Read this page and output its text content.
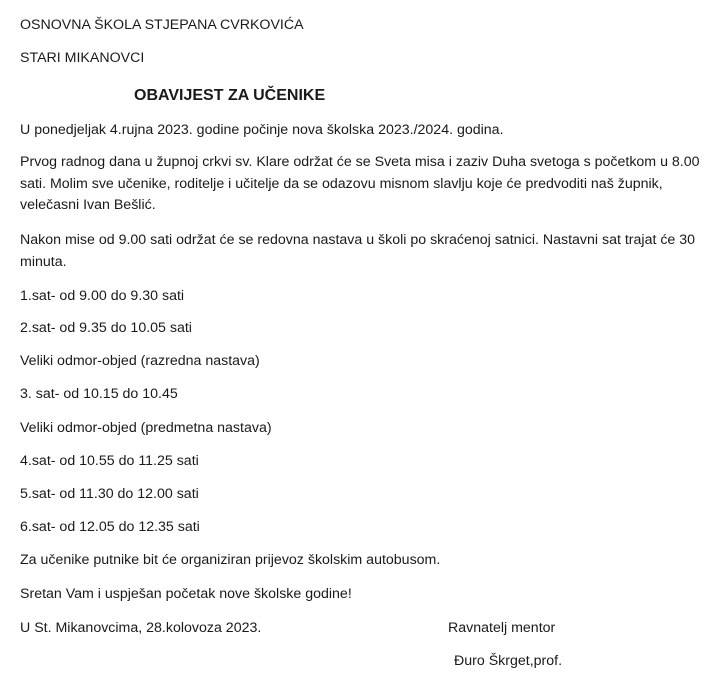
OSNOVNA ŠKOLA STJEPANA CVRKOVIĆA
STARI MIKANOVCI
OBAVIJEST ZA UČENIKE
U ponedjeljak 4.rujna 2023. godine počinje nova školska 2023./2024. godina.
Prvog radnog dana u župnoj crkvi sv. Klare održat će se Sveta misa i zaziv Duha svetoga s početkom u 8.00 sati. Molim sve učenike, roditelje i učitelje da se odazovu misnom slavlju koje će predvoditi naš župnik, velečasni Ivan Bešlić.
Nakon mise od 9.00 sati održat će se redovna nastava u školi po skraćenoj satnici. Nastavni sat trajat će 30 minuta.
1.sat- od 9.00 do 9.30 sati
2.sat- od 9.35 do 10.05 sati
Veliki odmor-objed (razredna nastava)
3. sat- od 10.15 do 10.45
Veliki odmor-objed (predmetna nastava)
4.sat- od 10.55 do 11.25 sati
5.sat- od 11.30 do 12.00 sati
6.sat- od 12.05 do 12.35 sati
Za učenike putnike bit će organiziran prijevoz školskim autobusom.
Sretan Vam i uspješan početak nove školske godine!
U St. Mikanovcima, 28.kolovoza 2023.	Ravnatelj mentor
Đuro Škrget,prof.
